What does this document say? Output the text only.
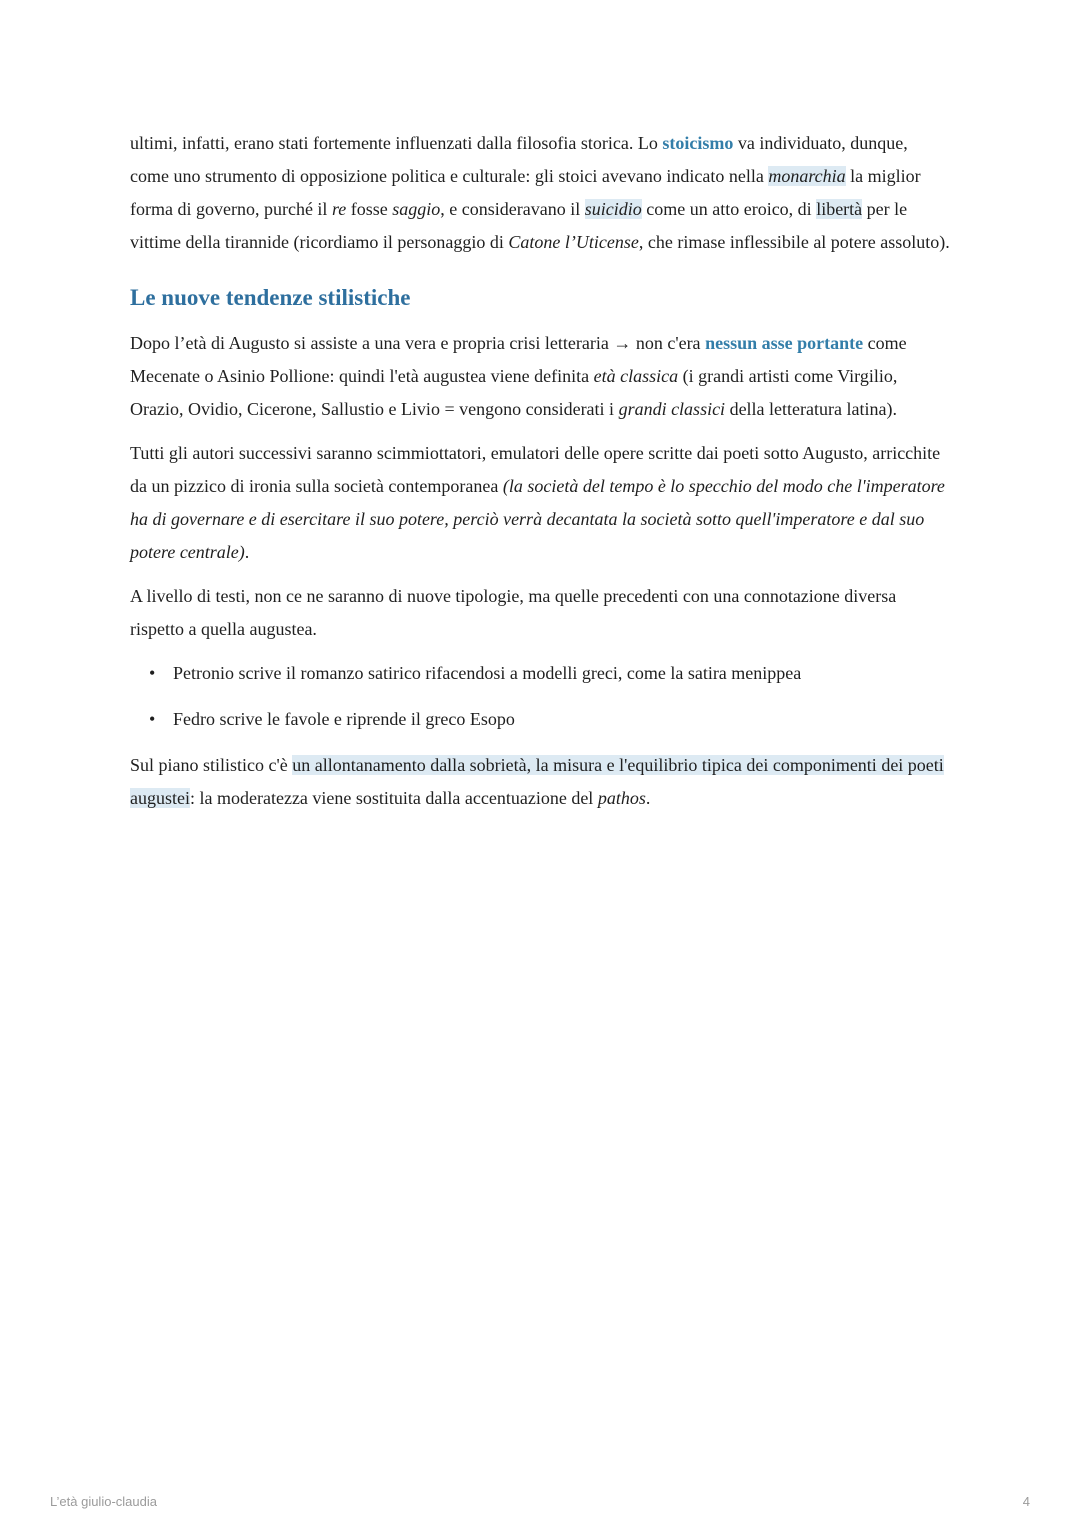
ultimi, infatti, erano stati fortemente influenzati dalla filosofia storica. Lo stoicismo va individuato, dunque, come uno strumento di opposizione politica e culturale: gli stoici avevano indicato nella monarchia la miglior forma di governo, purché il re fosse saggio, e consideravano il suicidio come un atto eroico, di libertà per le vittime della tirannide (ricordiamo il personaggio di Catone l’Uticense, che rimase inflessibile al potere assoluto).

Le nuove tendenze stilistiche

Dopo l’età di Augusto si assiste a una vera e propria crisi letteraria → non c'era nessun asse portante come Mecenate o Asinio Pollione: quindi l'età augustea viene definita età classica (i grandi artisti come Virgilio, Orazio, Ovidio, Cicerone, Sallustio e Livio = vengono considerati i grandi classici della letteratura latina).

Tutti gli autori successivi saranno scimmiottatori, emulatori delle opere scritte dai poeti sotto Augusto, arricchite da un pizzico di ironia sulla società contemporanea (la società del tempo è lo specchio del modo che l'imperatore ha di governare e di esercitare il suo potere, perciò verrà decantata la società sotto quell'imperatore e dal suo potere centrale).

A livello di testi, non ce ne saranno di nuove tipologie, ma quelle precedenti con una connotazione diversa rispetto a quella augustea.

• Petronio scrive il romanzo satirico rifacendosi a modelli greci, come la satira menippea
• Fedro scrive le favole e riprende il greco Esopo

Sul piano stilistico c'è un allontanamento dalla sobrietà, la misura e l'equilibrio tipica dei componimenti dei poeti augustei: la moderatezza viene sostituita dalla accentuazione del pathos.

L’età giulio-claudia	4
